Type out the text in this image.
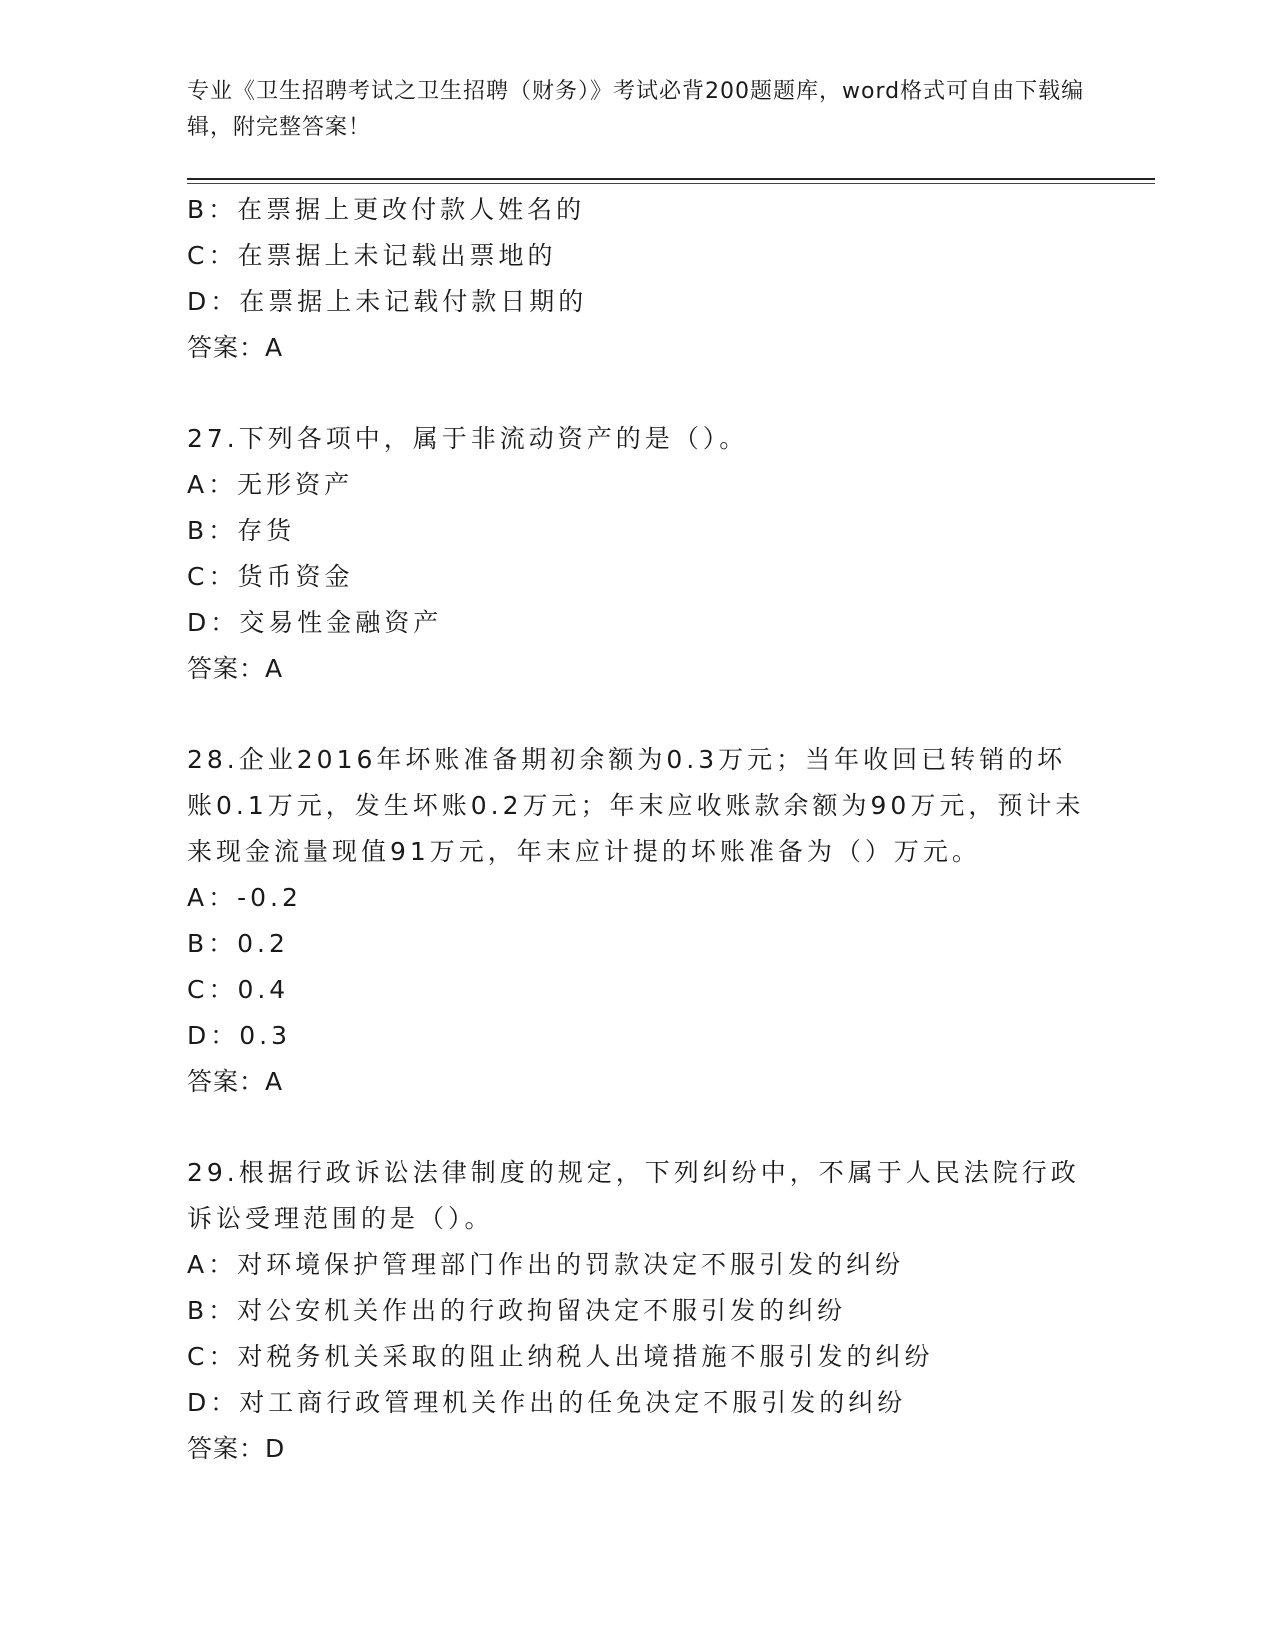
专业《卫生招聘考试之卫生招聘（财务）》考试必背200题题库，word格式可自由下载编辑，附完整答案！
B：在票据上更改付款人姓名的
C：在票据上未记载出票地的
D：在票据上未记载付款日期的
答案：A
27.下列各项中，属于非流动资产的是（）。
A：无形资产
B：存货
C：货币资金
D：交易性金融资产
答案：A
28.企业2016年坏账准备期初余额为0.3万元；当年收回已转销的坏账0.1万元，发生坏账0.2万元；年末应收账款余额为90万元，预计未来现金流量现值91万元，年末应计提的坏账准备为（）万元。
A：-0.2
B：0.2
C：0.4
D：0.3
答案：A
29.根据行政诉讼法律制度的规定，下列纠纷中，不属于人民法院行政诉讼受理范围的是（）。
A：对环境保护管理部门作出的罚款决定不服引发的纠纷
B：对公安机关作出的行政拘留决定不服引发的纠纷
C：对税务机关采取的阻止纳税人出境措施不服引发的纠纷
D：对工商行政管理机关作出的任免决定不服引发的纠纷
答案：D
